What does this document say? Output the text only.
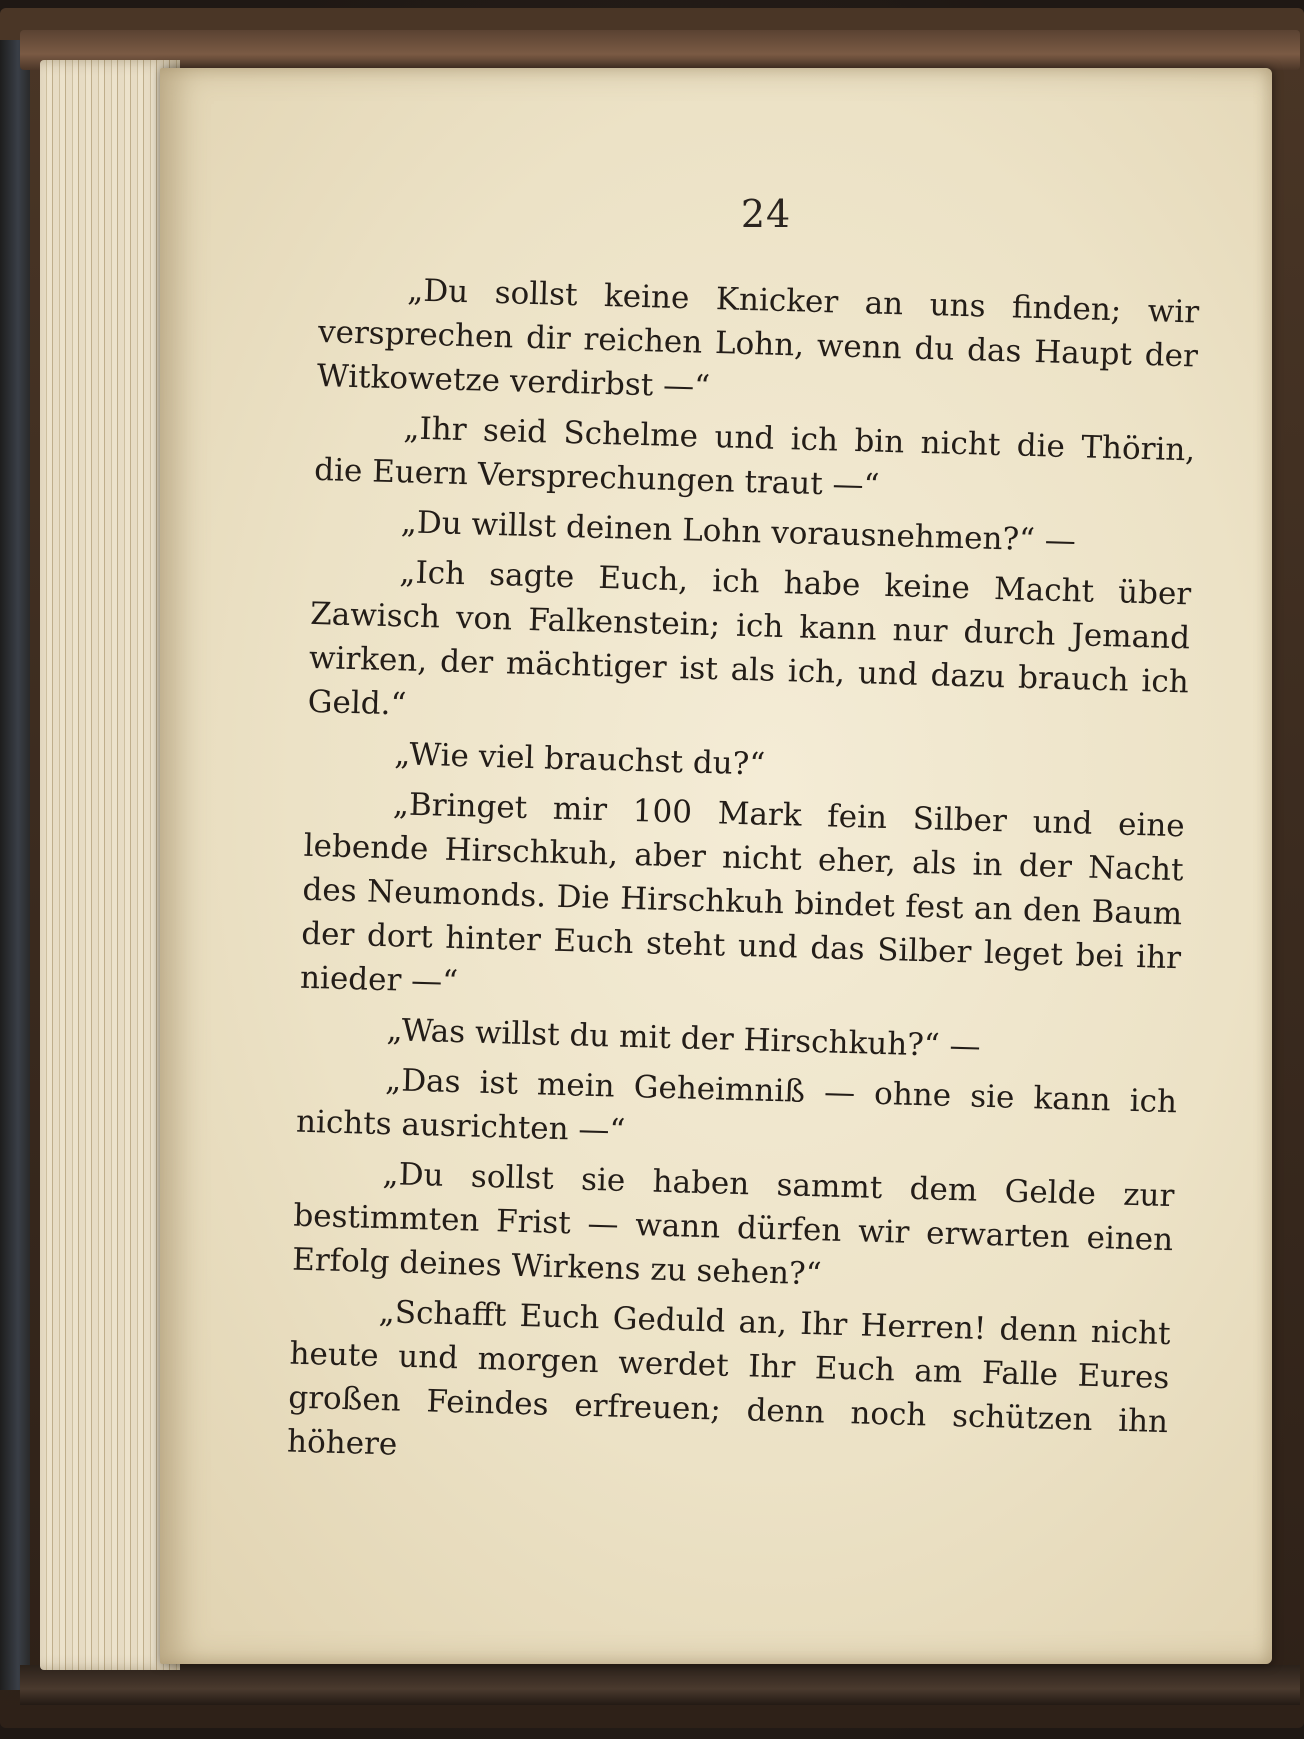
24

„Du sollst keine Knicker an uns finden; wir versprechen dir reichen Lohn, wenn du das Haupt der Witkowetze verdirbst —“

„Ihr seid Schelme und ich bin nicht die Thörin, die Euern Versprechungen traut —“

„Du willst deinen Lohn vorausnehmen?“ —

„Ich sagte Euch, ich habe keine Macht über Zawisch von Falkenstein; ich kann nur durch Jemand wirken, der mächtiger ist als ich, und dazu brauch ich Geld.“

„Wie viel brauchst du?“

„Bringet mir 100 Mark fein Silber und eine lebende Hirschkuh, aber nicht eher, als in der Nacht des Neumonds. Die Hirschkuh bindet fest an den Baum der dort hinter Euch steht und das Silber leget bei ihr nieder —“

„Was willst du mit der Hirschkuh?“ —

„Das ist mein Geheimniß — ohne sie kann ich nichts ausrichten —“

„Du sollst sie haben sammt dem Gelde zur bestimmten Frist — wann dürfen wir erwarten einen Erfolg deines Wirkens zu sehen?“

„Schafft Euch Geduld an, Ihr Herren! denn nicht heute und morgen werdet Ihr Euch am Falle Eures großen Feindes erfreuen; denn noch schützen ihn höhere
